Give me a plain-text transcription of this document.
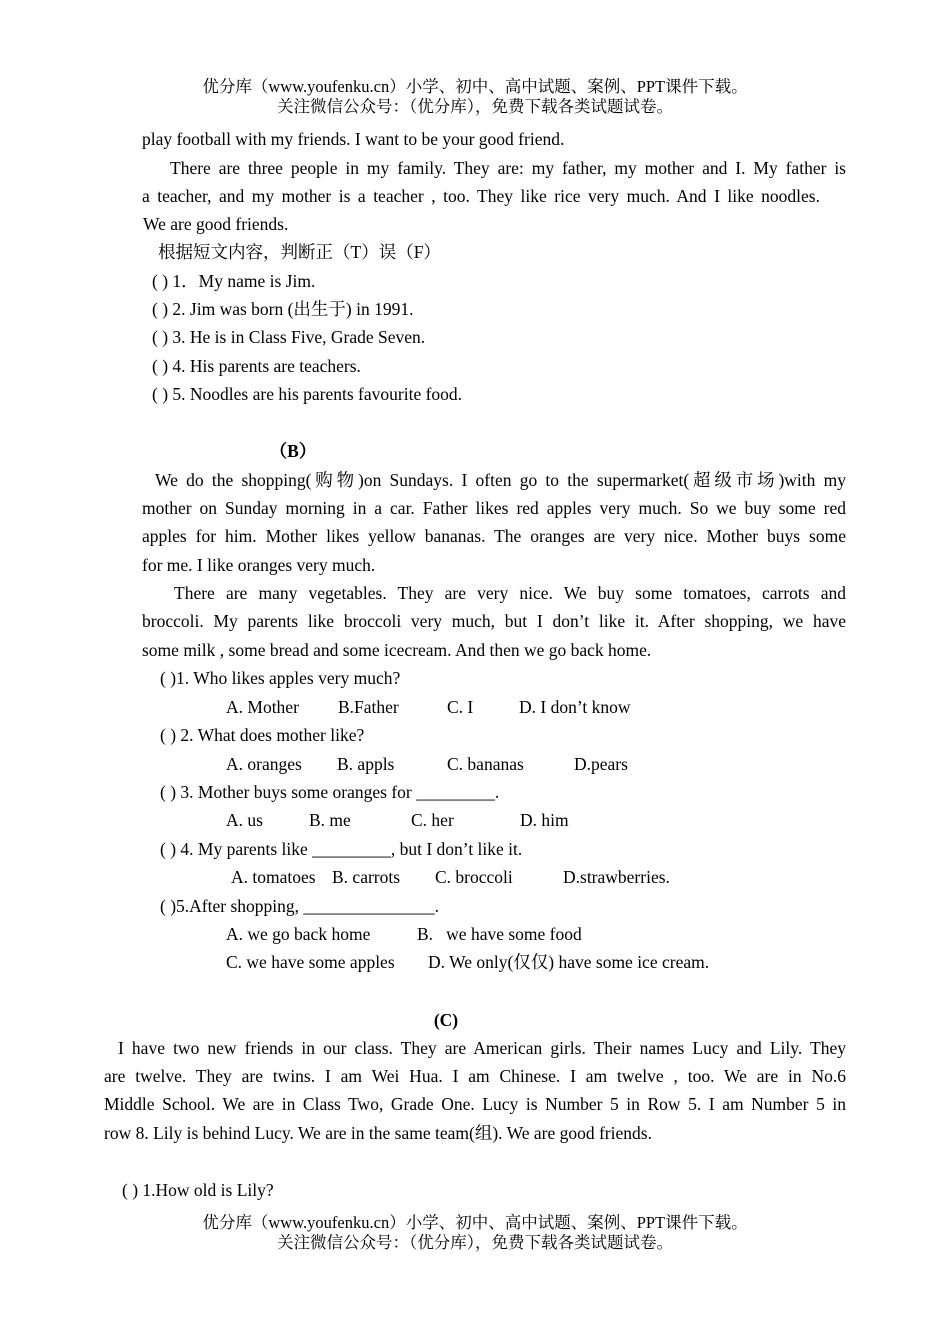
优分库（www.youfenku.cn）小学、初中、高中试题、案例、PPT课件下载。
关注微信公众号：（优分库），免费下载各类试题试卷。
play football with my friends. I want to be your good friend.
There are three people in my family. They are: my father, my mother and I. My father is
a teacher, and my mother is a teacher , too. They like rice very much. And I like noodles.
We are good friends.
根据短文内容，判断正（T）误（F）
( ) 1．My name is Jim.
( ) 2. Jim was born (出生于) in 1991.
( ) 3. He is in Class Five, Grade Seven.
( ) 4. His parents are teachers.
( ) 5. Noodles are his parents favourite food.
（B）
We do the shopping(购物)on Sundays. I often go to the supermarket(超级市场)with my
mother on Sunday morning in a car. Father likes red apples very much. So we buy some red
apples for him. Mother likes yellow bananas. The oranges are very nice. Mother buys some
for me. I like oranges very much.
There are many vegetables. They are very nice. We buy some tomatoes, carrots and
broccoli. My parents like broccoli very much, but I don’t like it. After shopping, we have
some milk , some bread and some icecream. And then we go back home.
( )1. Who likes apples very much?
A. Mother B.Father	C. I	D. I don’t know
( ) 2. What does mother like?
A. oranges B. appls	C. bananas	D.pears
( ) 3. Mother buys some oranges for _________.
A. us	B. me	C. her	D. him
( ) 4. My parents like _________, but I don’t like it.
A. tomatoes B. carrots C. broccoli	D.strawberries.
( )5.After shopping, _______________.
A. we go back home	B.   we have some food
C. we have some apples D. We only(仅仅) have some ice cream.
(C)
I have two new friends in our class. They are American girls. Their names Lucy and Lily. They
are twelve. They are twins. I am Wei Hua. I am Chinese. I am twelve , too. We are in No.6
Middle School. We are in Class Two, Grade One. Lucy is Number 5 in Row 5. I am Number 5 in
row 8. Lily is behind Lucy. We are in the same team(组). We are good friends.
( ) 1.How old is Lily?
优分库（www.youfenku.cn）小学、初中、高中试题、案例、PPT课件下载。
关注微信公众号：（优分库），免费下载各类试题试卷。
